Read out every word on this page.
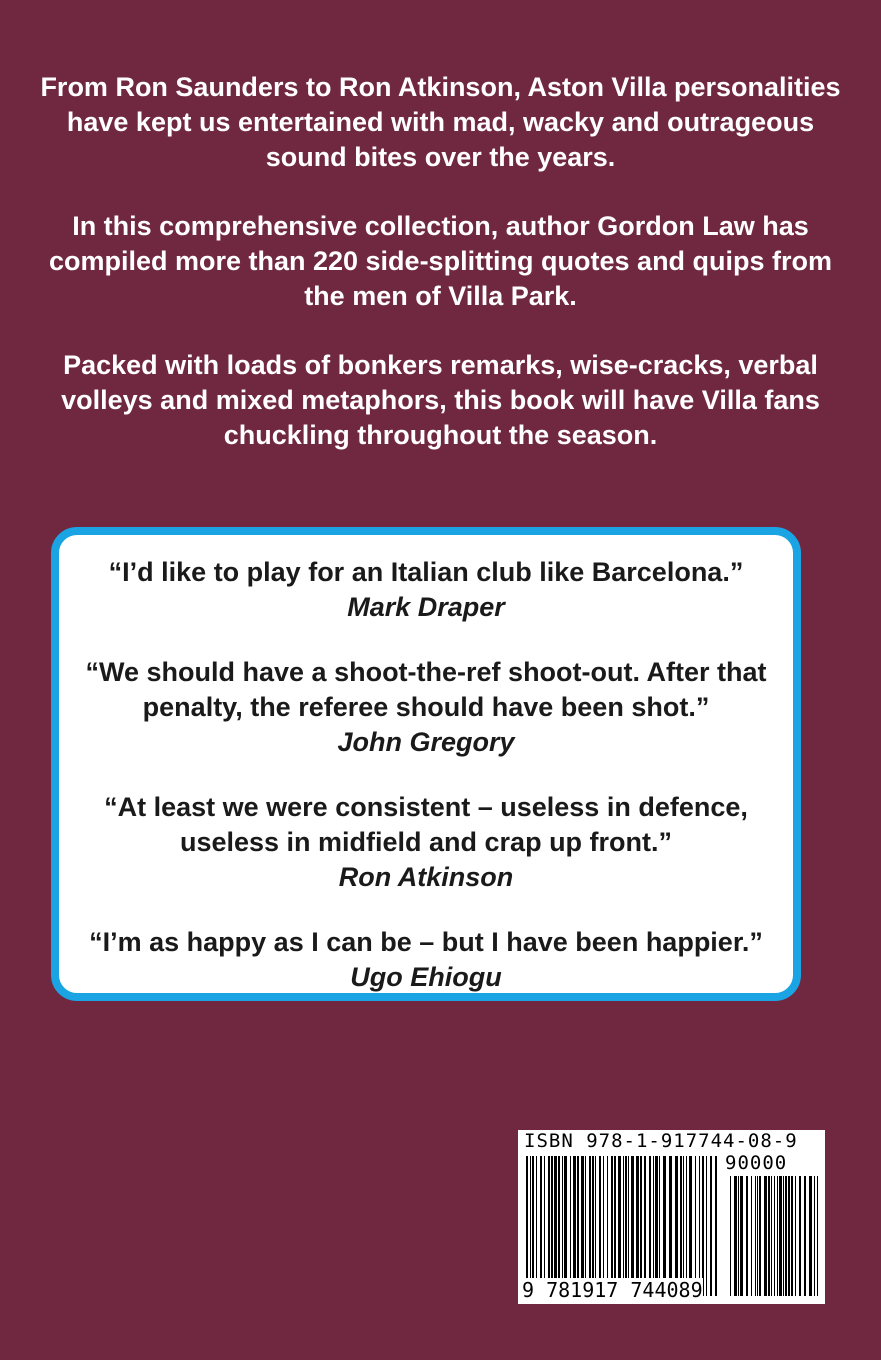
From Ron Saunders to Ron Atkinson, Aston Villa personalities have kept us entertained with mad, wacky and outrageous sound bites over the years.

In this comprehensive collection, author Gordon Law has compiled more than 220 side-splitting quotes and quips from the men of Villa Park.

Packed with loads of bonkers remarks, wise-cracks, verbal volleys and mixed metaphors, this book will have Villa fans chuckling throughout the season.

“I’d like to play for an Italian club like Barcelona.”
Mark Draper
“We should have a shoot-the-ref shoot-out. After that penalty, the referee should have been shot.”
John Gregory
“At least we were consistent – useless in defence, useless in midfield and crap up front.”
Ron Atkinson
“I’m as happy as I can be – but I have been happier.”
Ugo Ehiogu
ISBN 978-1-917744-08-9
90000
9 781917 744089
